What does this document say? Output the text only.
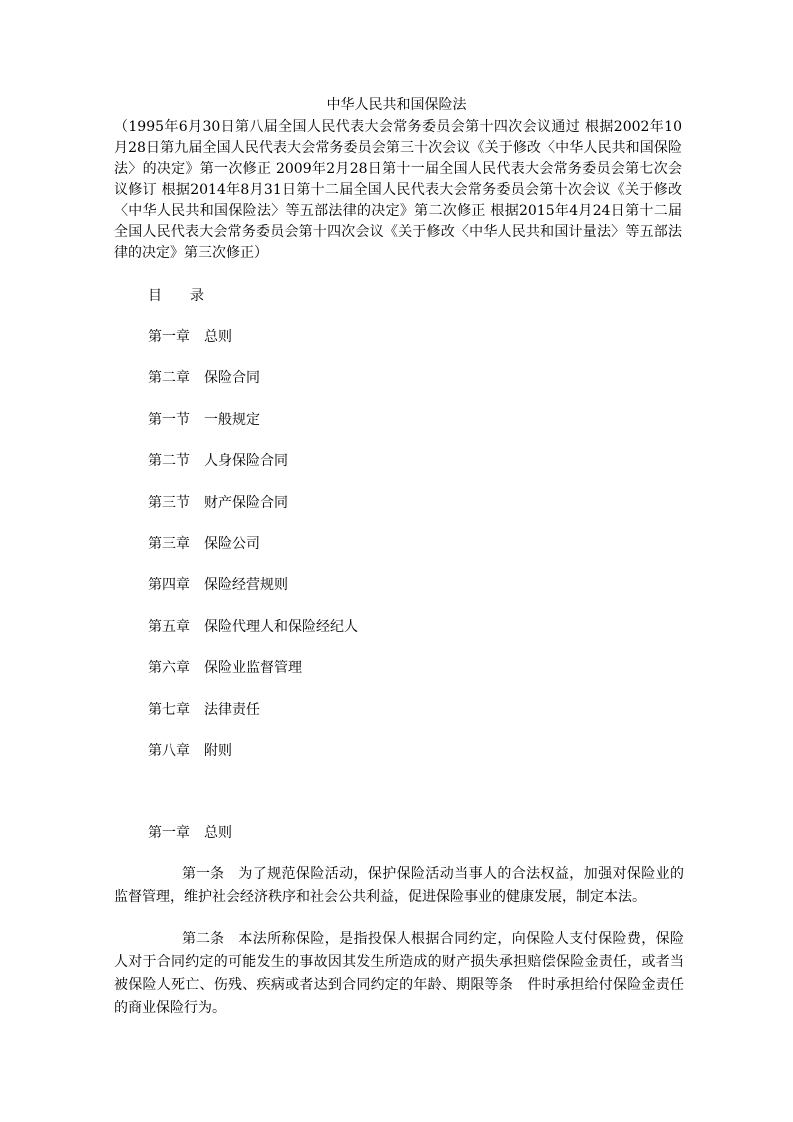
中华人民共和国保险法
（1995年6月30日第八届全国人民代表大会常务委员会第十四次会议通过 根据2002年10月28日第九届全国人民代表大会常务委员会第三十次会议《关于修改〈中华人民共和国保险法〉的决定》第一次修正 2009年2月28日第十一届全国人民代表大会常务委员会第七次会议修订 根据2014年8月31日第十二届全国人民代表大会常务委员会第十次会议《关于修改〈中华人民共和国保险法〉等五部法律的决定》第二次修正 根据2015年4月24日第十二届全国人民代表大会常务委员会第十四次会议《关于修改〈中华人民共和国计量法〉等五部法律的决定》第三次修正）
目 录
第一章 总则
第二章 保险合同
第一节 一般规定
第二节 人身保险合同
第三节 财产保险合同
第三章 保险公司
第四章 保险经营规则
第五章 保险代理人和保险经纪人
第六章 保险业监督管理
第七章 法律责任
第八章 附则
第一章 总则

第一条 为了规范保险活动，保护保险活动当事人的合法权益，加强对保险业的监督管理，维护社会经济秩序和社会公共利益，促进保险事业的健康发展，制定本法。

第二条 本法所称保险，是指投保人根据合同约定，向保险人支付保险费，保险人对于合同约定的可能发生的事故因其发生所造成的财产损失承担赔偿保险金责任，或者当被保险人死亡、伤残、疾病或者达到合同约定的年龄、期限等条　件时承担给付保险金责任的商业保险行为。
